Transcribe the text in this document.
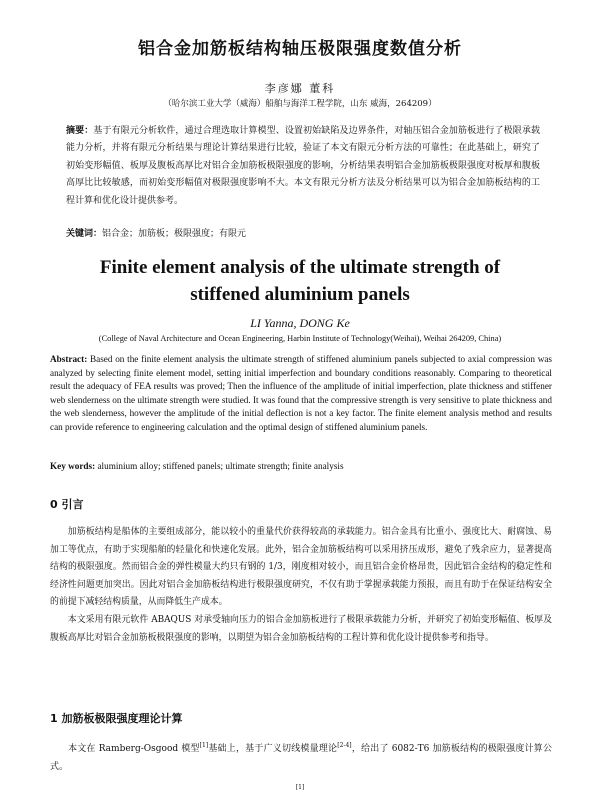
铝合金加筋板结构轴压极限强度数值分析
李彦娜 董科
（哈尔滨工业大学（威海）船舶与海洋工程学院，山东 威海，264209）
摘要：基于有限元分析软件，通过合理选取计算模型、设置初始缺陷及边界条件，对轴压铝合金加筋板进行了极限承载能力分析，并将有限元分析结果与理论计算结果进行比较，验证了本文有限元分析方法的可靠性；在此基础上，研究了初始变形幅值、板厚及腹板高厚比对铝合金加筋板极限强度的影响，分析结果表明铝合金加筋板极限强度对板厚和腹板高厚比比较敏感，而初始变形幅值对极限强度影响不大。本文有限元分析方法及分析结果可以为铝合金加筋板结构的工程计算和优化设计提供参考。
关键词：铝合金；加筋板；极限强度；有限元
Finite element analysis of the ultimate strength of
stiffened aluminium panels
LI Yanna, DONG Ke
(College of Naval Architecture and Ocean Engineering, Harbin Institute of Technology(Weihai), Weihai 264209, China)
Abstract: Based on the finite element analysis the ultimate strength of stiffened aluminium panels subjected to axial compression was analyzed by selecting finite element model, setting initial imperfection and boundary conditions reasonably. Comparing to theoretical result the adequacy of FEA results was proved; Then the influence of the amplitude of initial imperfection, plate thickness and stiffener web slenderness on the ultimate strength were studied. It was found that the compressive strength is very sensitive to plate thickness and the web slenderness, however the amplitude of the initial deflection is not a key factor. The finite element analysis method and results can provide reference to engineering calculation and the optimal design of stiffened aluminium panels.
Key words: aluminium alloy; stiffened panels; ultimate strength; finite analysis
0 引言

加筋板结构是船体的主要组成部分，能以较小的重量代价获得较高的承载能力。铝合金具有比重小、强度比大、耐腐蚀、易加工等优点，有助于实现船舶的轻量化和快速化发展。此外，铝合金加筋板结构可以采用挤压成形，避免了残余应力，显著提高结构的极限强度。然而铝合金的弹性模量大约只有钢的 1/3，刚度相对较小，而且铝合金价格昂贵，因此铝合金结构的稳定性和经济性问题更加突出。因此对铝合金加筋板结构进行极限强度研究，不仅有助于掌握承载能力预报，而且有助于在保证结构安全的前提下减轻结构质量，从而降低生产成本。

本文采用有限元软件 ABAQUS 对承受轴向压力的铝合金加筋板进行了极限承载能力分析，并研究了初始变形幅值、板厚及腹板高厚比对铝合金加筋板极限强度的影响，以期望为铝合金加筋板结构的工程计算和优化设计提供参考和指导。

1 加筋板极限强度理论计算

本文在 Ramberg-Osgood 模型[1]基础上，基于广义切线模量理论[2-4]，给出了 6082-T6 加筋板结构的极限强度计算公式。

[1]
